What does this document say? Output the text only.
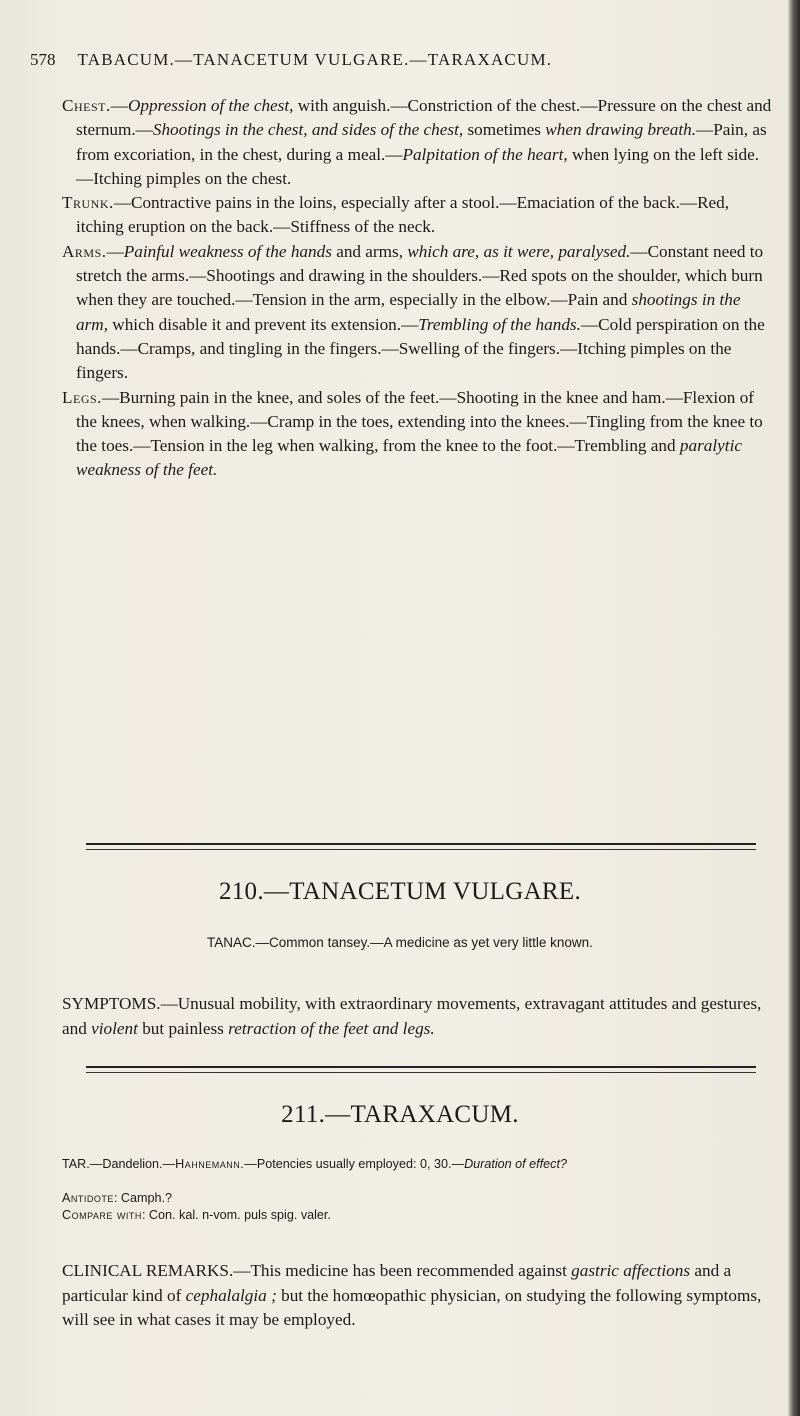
578 TABACUM.—TANACETUM VULGARE.—TARAXACUM.

Chest.—Oppression of the chest, with anguish.—Constriction of the chest.—Pressure on the chest and sternum.—Shootings in the chest, and sides of the chest, sometimes when drawing breath.—Pain, as from excoriation, in the chest, during a meal.—Palpitation of the heart, when lying on the left side.—Itching pimples on the chest.

Trunk.—Contractive pains in the loins, especially after a stool.—Emaciation of the back.—Red, itching eruption on the back.—Stiffness of the neck.

Arms.—Painful weakness of the hands and arms, which are, as it were, paralysed.—Constant need to stretch the arms.—Shootings and drawing in the shoulders.—Red spots on the shoulder, which burn when they are touched.—Tension in the arm, especially in the elbow.—Pain and shootings in the arm, which disable it and prevent its extension.—Trembling of the hands.—Cold perspiration on the hands.—Cramps, and tingling in the fingers.—Swelling of the fingers.—Itching pimples on the fingers.

Legs.—Burning pain in the knee, and soles of the feet.—Shooting in the knee and ham.—Flexion of the knees, when walking.—Cramp in the toes, extending into the knees.—Tingling from the knee to the toes.—Tension in the leg when walking, from the knee to the foot.—Trembling and paralytic weakness of the feet.

210.—TANACETUM VULGARE.
TANAC.—Common tansey.—A medicine as yet very little known.

SYMPTOMS.—Unusual mobility, with extraordinary movements, extravagant attitudes and gestures, and violent but painless retraction of the feet and legs.

211.—TARAXACUM.

TAR.—Dandelion.—Hahnemann.—Potencies usually employed: 0, 30.—Duration of effect?

Antidote: Camph.?

Compare with: Con. kal. n-vom. puls spig. valer.

CLINICAL REMARKS.—This medicine has been recommended against gastric affections and a particular kind of cephalalgia ; but the homœopathic physician, on studying the following symptoms, will see in what cases it may be employed.
